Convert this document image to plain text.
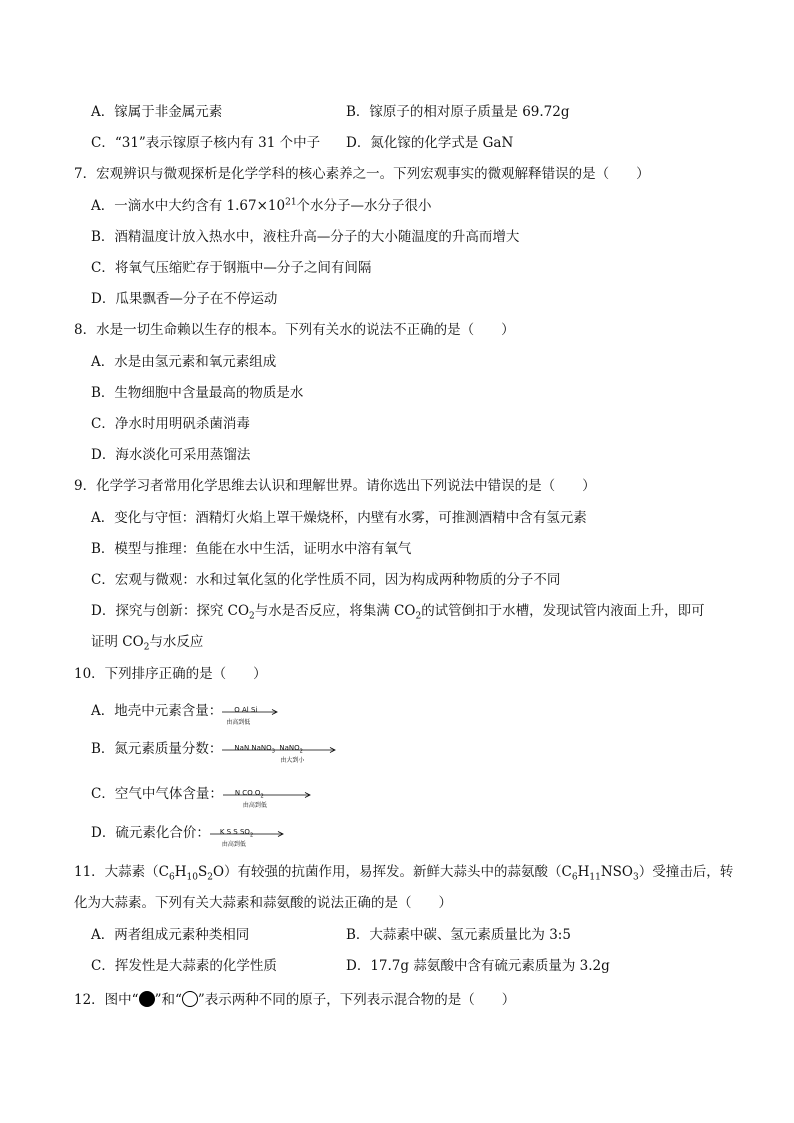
A．镓属于非金属元素	B．镓原子的相对原子质量是 69.72g
C．“31”表示镓原子核内有 31 个中子 D．氮化镓的化学式是 GaN
7．宏观辨识与微观探析是化学学科的核心素养之一。下列宏观事实的微观解释错误的是（　　）
A．一滴水中大约含有 $1.67\times 10^{21}$个水分子—水分子很小
B．酒精温度计放入热水中，液柱升高—分子的大小随温度的升高而增大
C．将氧气压缩贮存于钢瓶中—分子之间有间隔
D．瓜果飘香—分子在不停运动
8．水是一切生命赖以生存的根本。下列有关水的说法不正确的是（　　）
A．水是由氢元素和氧元素组成
B．生物细胞中含量最高的物质是水
C．净水时用明矾杀菌消毒
D．海水淡化可采用蒸馏法
9．化学学习者常用化学思维去认识和理解世界。请你选出下列说法中错误的是（　　）
A．变化与守恒：酒精灯火焰上罩干燥烧杯，内壁有水雾，可推测酒精中含有氢元素
B．模型与推理：鱼能在水中生活，证明水中溶有氧气
C．宏观与微观：水和过氧化氢的化学性质不同，因为构成两种物质的分子不同
D．探究与创新：探究 $CO_2$与水是否反应，将集满 $CO_2$的试管倒扣于水槽，发现试管内液面上升，即可
证明 $CO_2$与水反应
10．下列排序正确的是（　　）
A．地壳中元素含量： O Al Si
由高到低
B．氮元素质量分数： NaN NaNO$_3$ NaNO$_2$
由大到小
C．空气中气体含量： N CO $O_2$
由高到低
D．硫元素化合价： K S S $SO_2$
由高到低
11．大蒜素$(C_6H_{10}S_2O)$有较强的抗菌作用，易挥发。新鲜大蒜头中的蒜氨酸$(C_6H_{11}NSO_3)$受撞击后，转
化为大蒜素。下列有关大蒜素和蒜氨酸的说法正确的是（　　）
A．两者组成元素种类相同	B．大蒜素中碳、氢元素质量比为 3:5
C．挥发性是大蒜素的化学性质	D．17.7g 蒜氨酸中含有硫元素质量为 3.2g
12．图中“ ”和“ ”表示两种不同的原子，下列表示混合物的是（　　）
